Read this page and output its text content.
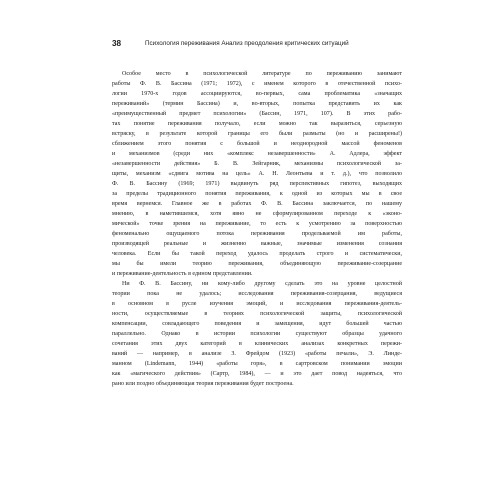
38	Психология переживания Анализ преодоления критических ситуаций

Особое место в психологической литературе по переживанию занимают
работы Ф. В. Бассина (1971; 1972), с именем которого в отечественной психо-
логии 1970-х годов ассоциируются, во-первых, сама проблематика «значащих
переживаний» (термин Бассина) и, во-вторых, попытка представить их как
«преимущественный предмет психологии» (Бассин, 1971, 107). В этих рабо-
тах понятие переживания получало, если можно так выразиться, серьезную
встряску, в результате которой границы его были размыты (но и расширены!)
сближением этого понятия с большой и неоднородной массой феноменов
и механизмов (среди них «комплекс незавершенности» А. Адлера, эффект
«незавершенности действия» Б. В. Зейгарник, механизмы психологической за-
щиты, механизм «сдвига мотива на цель» А. Н. Леонтьева и т. д.), что позволило
Ф. В. Бассину (1969; 1971) выдвинуть ряд перспективных гипотез, выходящих
за пределы традиционного понятия переживания, к одной из которых мы в свое
время вернемся. Главное же в работах Ф. В. Бассина заключается, по нашему
мнению, в наметившемся, хотя явно не сформулированном переходе к «эконо-
мической» точке зрения на переживание, то есть к усмотрению за поверхностью
феноменально ощущаемого потока переживания продельваемой им работы,
производящей реальные и жизненно важные, значимые изменения сознания
человека. Если бы такой переход удалось проделать строго и систематически,
мы бы имели теорию переживания, объединяющую переживание-созерцание
и переживание-деятельность в едином представлении.

Ни Ф. В. Бассину, ни кому-либо другому сделать это на уровне целостной
теории пока не удалось; исследования переживания-созерцания, ведущиеся
в основном в русле изучения эмоций, и исследования переживания-деятель-
ности, осуществляемые в теориях психологической защиты, психологической
компенсации, совладающего поведения и замещения, идут большей частью
параллельно. Однако в истории психологии существуют образцы удачного
сочетания этих двух категорий в клинических анализах конкретных пережи-
ваний — например, в анализе З. Фрейдом (1923) «работы печали», Э. Линде-
манном (Lindemann, 1944) «работы горя», в сартровском понимании эмоции
как «магического действия» (Сартр, 1984), — и это дает повод надеяться, что
рано или поздно объединяющая теория переживания будет построена.
